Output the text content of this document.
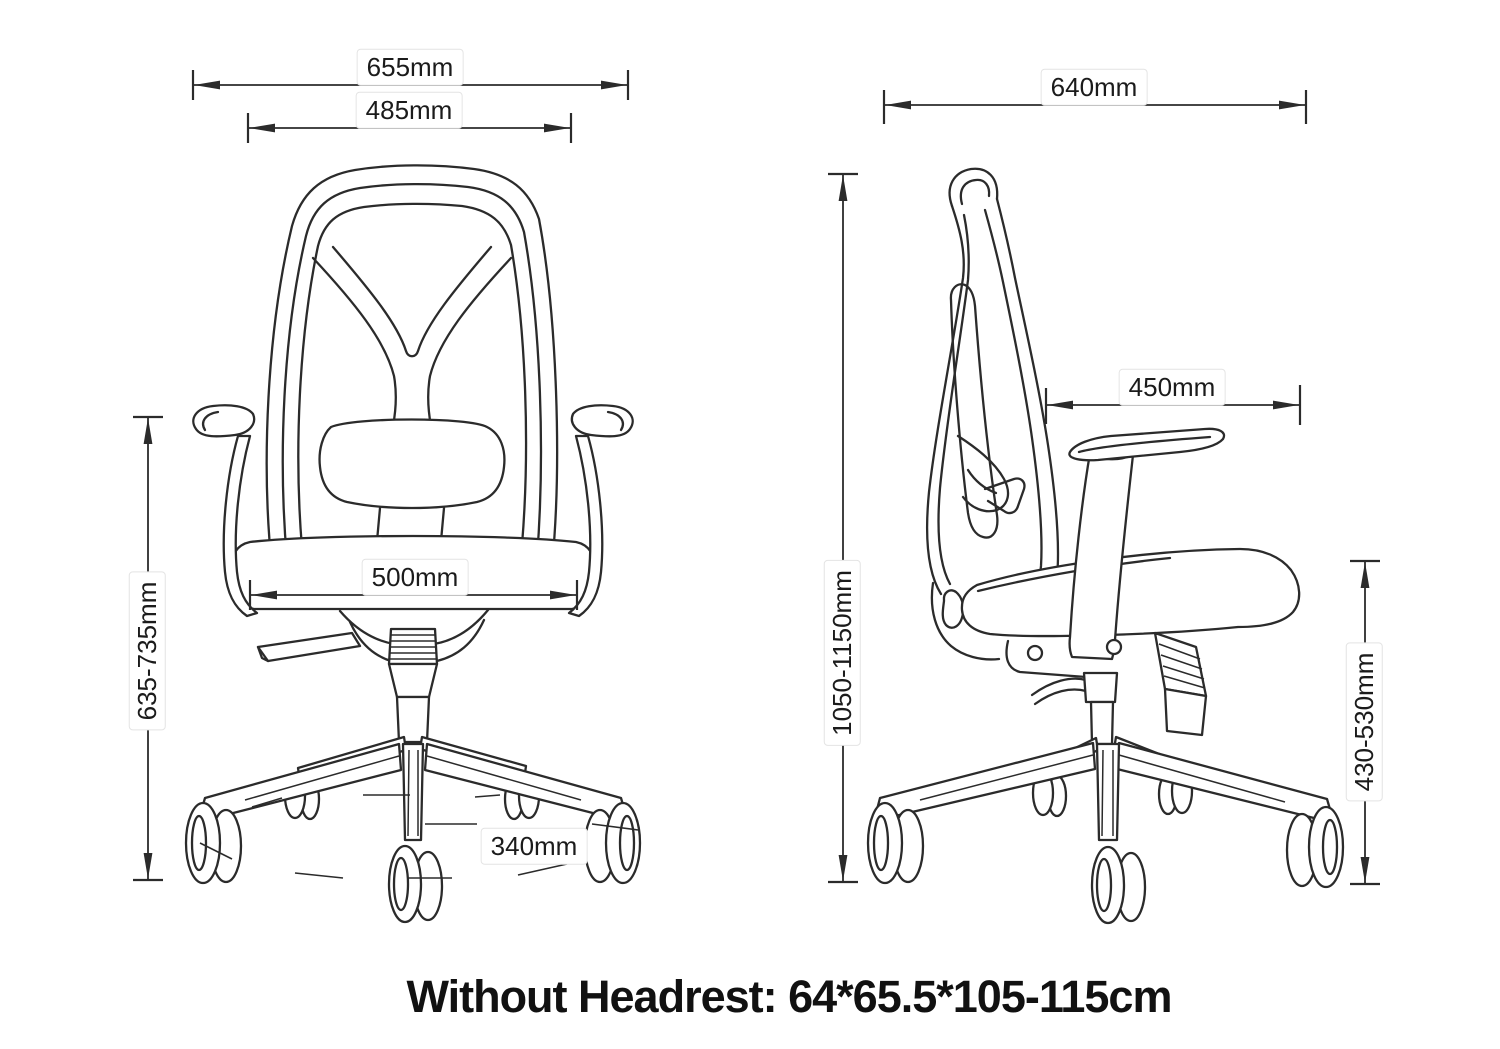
655mm
485mm
500mm
635-735mm
340mm
640mm
1050-1150mm
450mm
430-530mm
Without Headrest: 64*65.5*105-115cm
